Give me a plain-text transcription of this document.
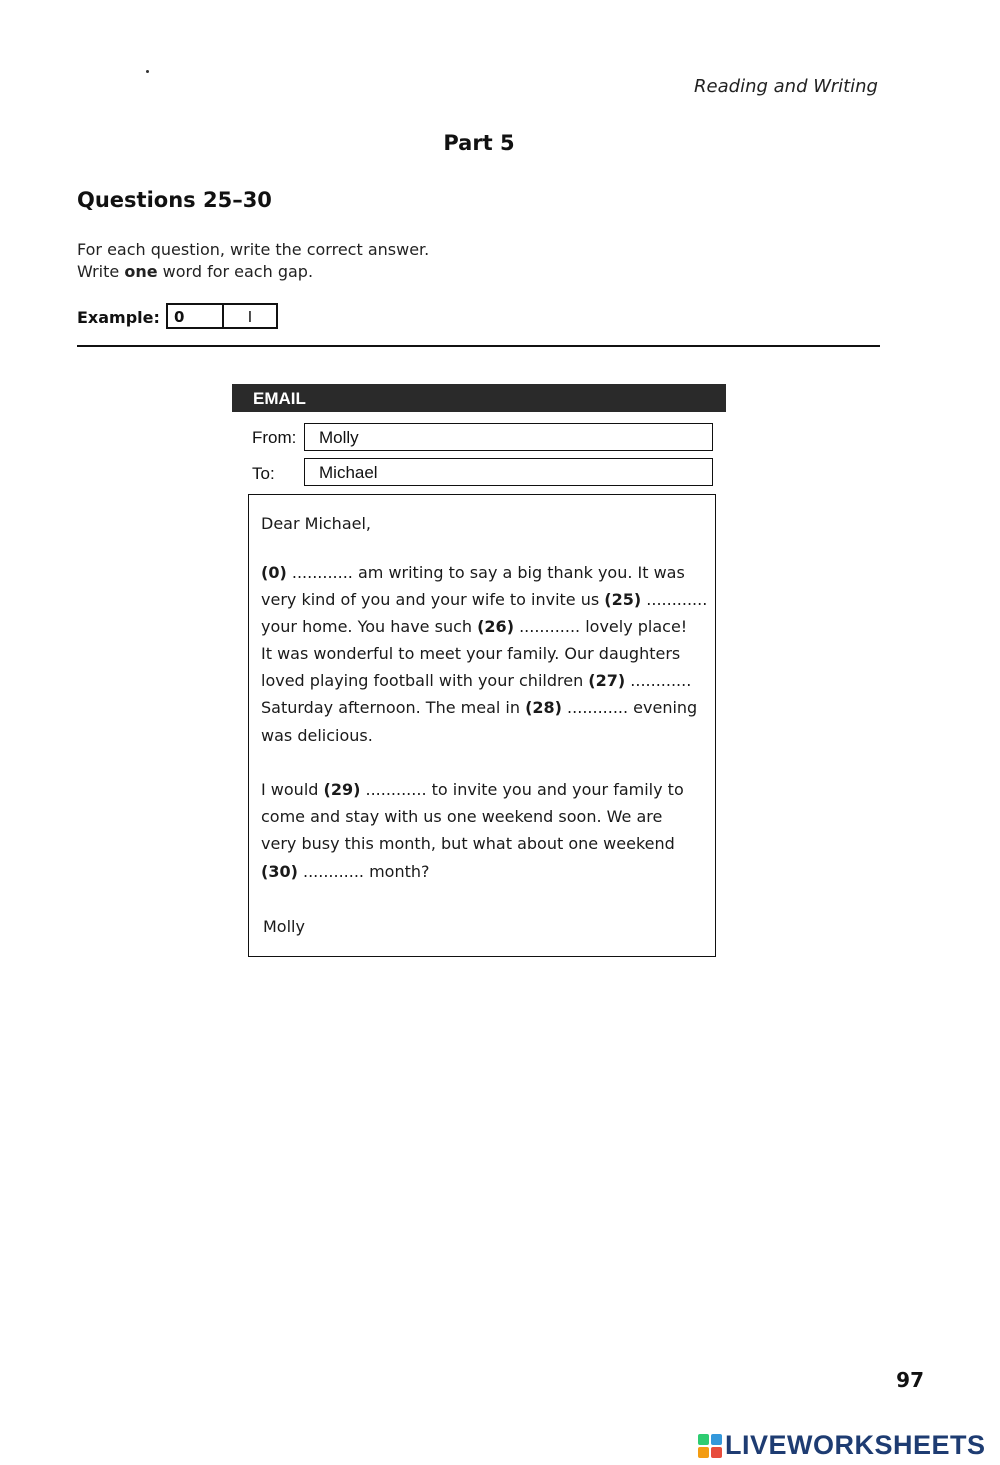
Reading and Writing
Part 5
Questions 25–30
For each question, write the correct answer.
Write one word for each gap.
Example: 0	I
EMAIL
From:	Molly
To:	Michael
Dear Michael,
(0) ............ am writing to say a big thank you. It was
very kind of you and your wife to invite us (25) ............
your home. You have such (26) ............ lovely place!
It was wonderful to meet your family. Our daughters
loved playing football with your children (27) ............
Saturday afternoon. The meal in (28) ............ evening
was delicious.
I would (29) ............ to invite you and your family to
come and stay with us one weekend soon. We are
very busy this month, but what about one weekend
(30) ............ month?
Molly
97
LIVEWORKSHEETS
